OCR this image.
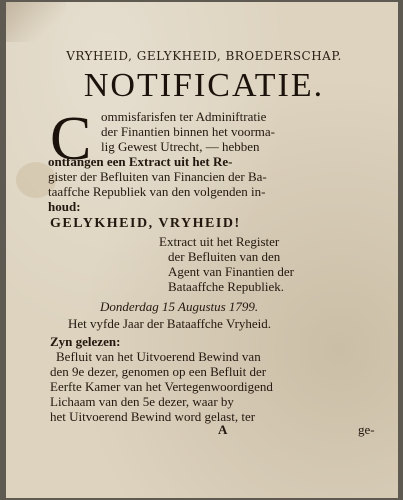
VRYHEID, GELYKHEID, BROEDERSCHAP.
NOTIFICATIE.
C ommisfarisfen ter Adminiftratie
der Finantien binnen het voorma-
lig Gewest Utrecht, — hebben
ontfangen een Extract uit het Re-
gister der Befluiten van Financien der Ba-
taaffche Republiek van den volgenden in-
houd:
GELYKHEID, VRYHEID!
Extract uit het Register
der Befluiten van den
Agent van Finantien der
Bataaffche Republiek.
Donderdag 15 Augustus 1799.
Het vyfde Jaar der Bataaffche Vryheid.
Zyn gelezen:
Befluit van het Uitvoerend Bewind van
den 9e dezer, genomen op een Befluit der
Eerfte Kamer van het Vertegenwoordigend
Lichaam van den 5e dezer, waar by
het Uitvoerend Bewind word gelast, ter
A	ge-
